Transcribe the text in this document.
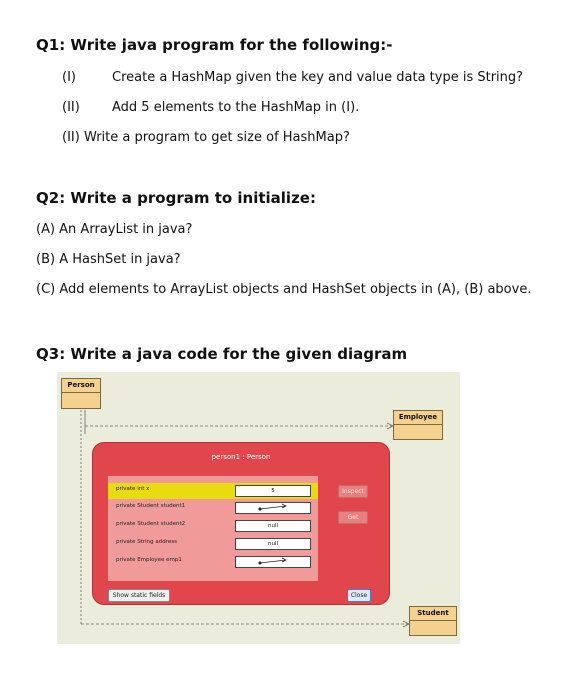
Q1: Write java program for the following:-
(I)	Create a HashMap given the key and value data type is String?
(II) Add 5 elements to the HashMap in (I).
(II) Write a program to get size of HashMap?
Q2: Write a program to initialize:
(A) An ArrayList in java?
(B) A HashSet in java?
(C) Add elements to ArrayList objects and HashSet objects in (A), (B) above.
Q3: Write a java code for the given diagram
Person
Employee
Student
person1 : Person
private int x	5
private Student student1
private Student student2	null
private String address	null
private Employee emp1
Inspect
Get
Show static fields	Close
